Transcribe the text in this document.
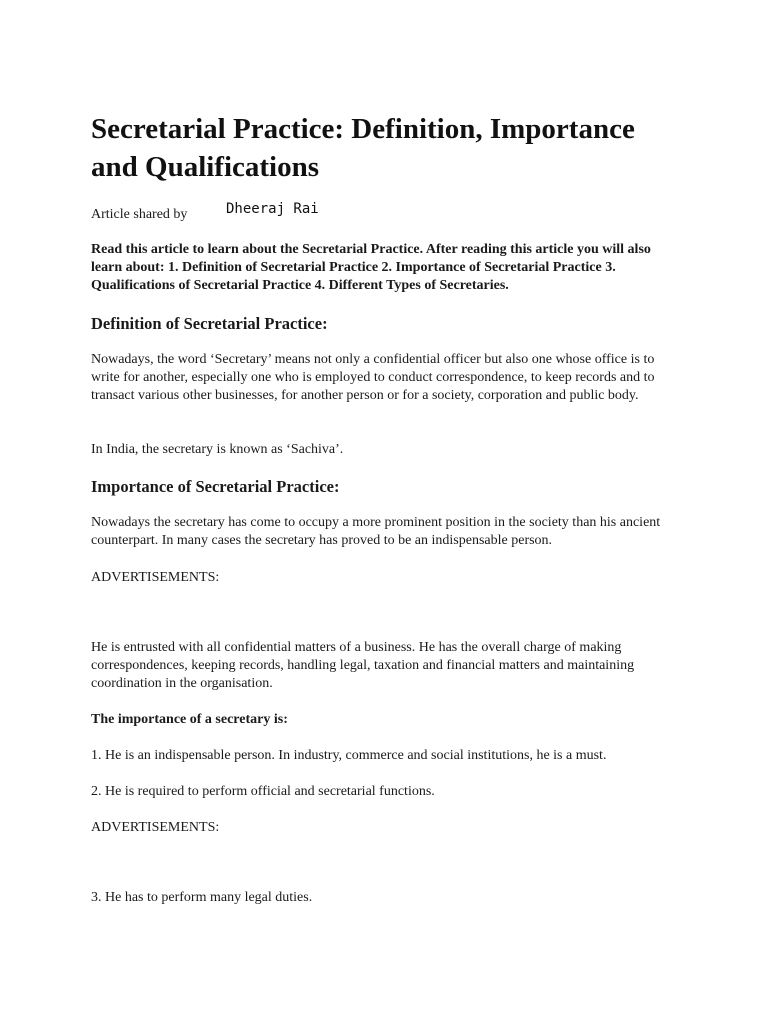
Secretarial Practice: Definition, Importance and Qualifications
Article shared by	Dheeraj Rai

Read this article to learn about the Secretarial Practice. After reading this article you will also learn about: 1. Definition of Secretarial Practice 2. Importance of Secretarial Practice 3. Qualifications of Secretarial Practice 4. Different Types of Secretaries.

Definition of Secretarial Practice:

Nowadays, the word ‘Secretary’ means not only a confidential officer but also one whose office is to write for another, especially one who is employed to conduct correspondence, to keep records and to transact various other businesses, for another person or for a society, corporation and public body.

In India, the secretary is known as ‘Sachiva’.

Importance of Secretarial Practice:

Nowadays the secretary has come to occupy a more prominent position in the society than his ancient counterpart. In many cases the secretary has proved to be an indispensable person.

ADVERTISEMENTS:

He is entrusted with all confidential matters of a business. He has the overall charge of making correspondences, keeping records, handling legal, taxation and financial matters and maintaining coordination in the organisation.

The importance of a secretary is:

1. He is an indispensable person. In industry, commerce and social institutions, he is a must.

2. He is required to perform official and secretarial functions.

ADVERTISEMENTS:

3. He has to perform many legal duties.
